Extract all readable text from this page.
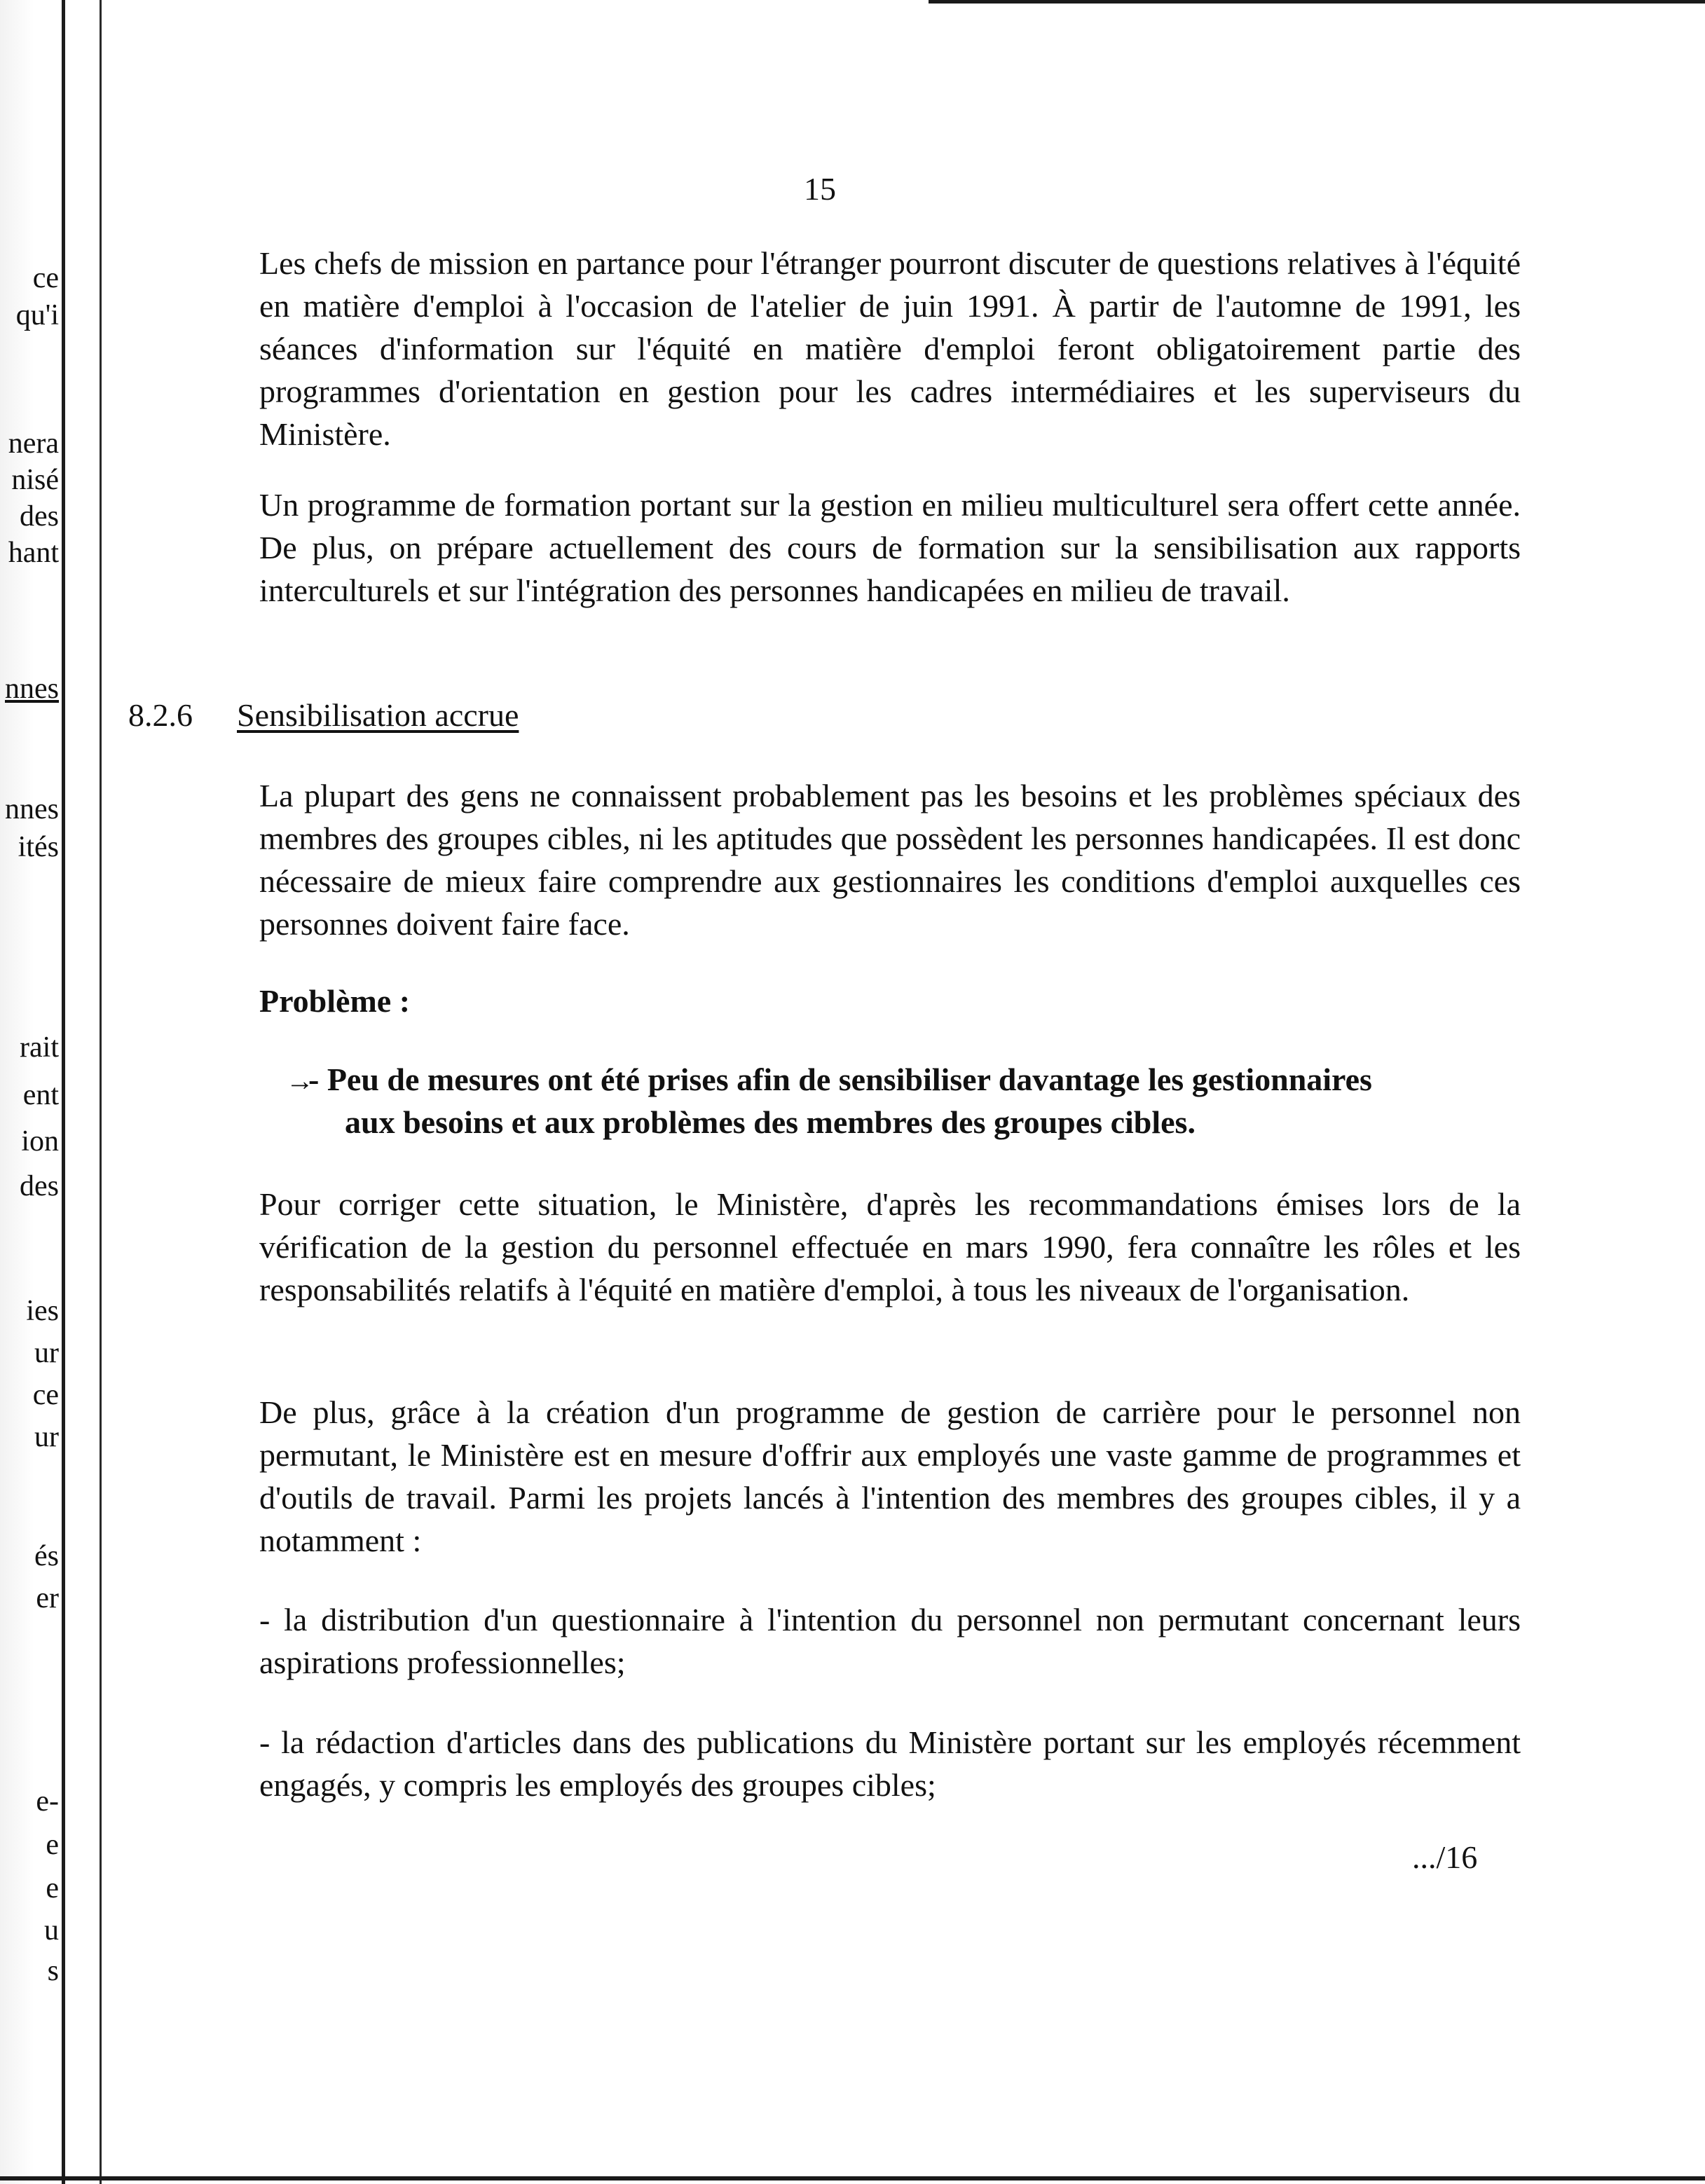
ce
qu'i
nera
nisé
des
hant
nnes
nnes
ités
rait
ent
ion
des
ies
ur
ce
ur
és
er
e-
e
e
u
s
15

Les chefs de mission en partance pour l'étranger pourront discuter de questions relatives à l'équité en matière d'emploi à l'occasion de l'atelier de juin 1991. À partir de l'automne de 1991, les séances d'information sur l'équité en matière d'emploi feront obligatoirement partie des programmes d'orientation en gestion pour les cadres intermédiaires et les superviseurs du Ministère.

Un programme de formation portant sur la gestion en milieu multiculturel sera offert cette année. De plus, on prépare actuellement des cours de formation sur la sensibilisation aux rapports interculturels et sur l'intégration des personnes handicapées en milieu de travail.

8.2.6 Sensibilisation accrue

La plupart des gens ne connaissent probablement pas les besoins et les problèmes spéciaux des membres des groupes cibles, ni les aptitudes que possèdent les personnes handicapées. Il est donc nécessaire de mieux faire comprendre aux gestionnaires les conditions d'emploi auxquelles ces personnes doivent faire face.

Problème :
→
- Peu de mesures ont été prises afin de sensibiliser davantage les gestionnaires
aux besoins et aux problèmes des membres des groupes cibles.

Pour corriger cette situation, le Ministère, d'après les recommandations émises lors de la vérification de la gestion du personnel effectuée en mars 1990, fera connaître les rôles et les responsabilités relatifs à l'équité en matière d'emploi, à tous les niveaux de l'organisation.

De plus, grâce à la création d'un programme de gestion de carrière pour le personnel non permutant, le Ministère est en mesure d'offrir aux employés une vaste gamme de programmes et d'outils de travail. Parmi les projets lancés à l'intention des membres des groupes cibles, il y a notamment :

- la distribution d'un questionnaire à l'intention du personnel non permutant concernant leurs aspirations professionnelles;

- la rédaction d'articles dans des publications du Ministère portant sur les employés récemment engagés, y compris les employés des groupes cibles;

.../16
